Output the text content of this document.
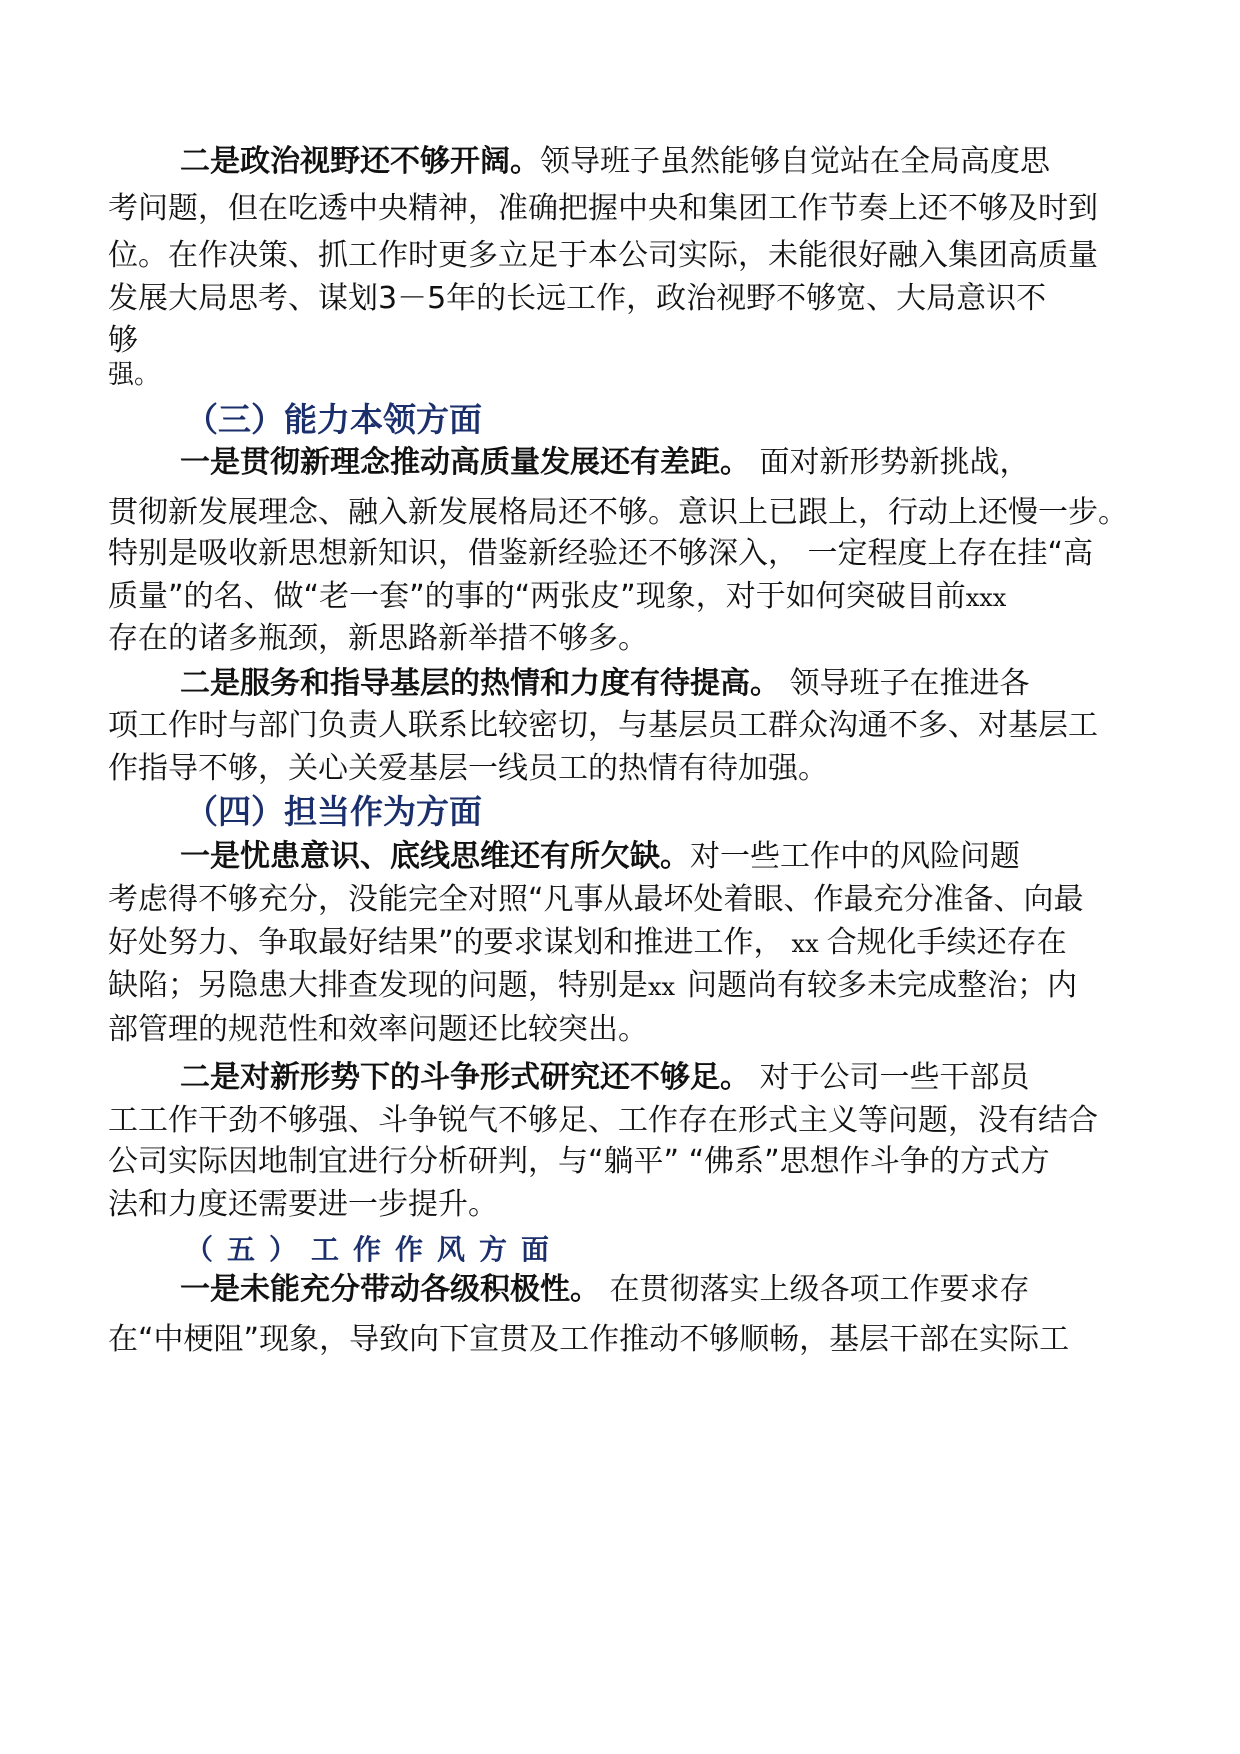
二是政治视野还不够开阔。领导班子虽然能够自觉站在全局高度思
考问题，但在吃透中央精神，准确把握中央和集团工作节奏上还不够及时到
位。在作决策、抓工作时更多立足于本公司实际，未能很好融入集团高质量
发展大局思考、谋划3－5年的长远工作，政治视野不够宽、大局意识不
够
强。
（三）能力本领方面
一是贯彻新理念推动高质量发展还有差距。 面对新形势新挑战，
贯彻新发展理念、融入新发展格局还不够。意识上已跟上，行动上还慢一步。
特别是吸收新思想新知识，借鉴新经验还不够深入， 一定程度上存在挂“高
质量”的名、做“老一套”的事的“两张皮”现象，对于如何突破目前xxx
存在的诸多瓶颈，新思路新举措不够多。
二是服务和指导基层的热情和力度有待提高。 领导班子在推进各
项工作时与部门负责人联系比较密切，与基层员工群众沟通不多、对基层工
作指导不够，关心关爱基层一线员工的热情有待加强。
（四）担当作为方面
一是忧患意识、底线思维还有所欠缺。对一些工作中的风险问题
考虑得不够充分，没能完全对照“凡事从最坏处着眼、作最充分准备、向最
好处努力、争取最好结果”的要求谋划和推进工作， xx 合规化手续还存在
缺陷；另隐患大排查发现的问题，特别是xx 问题尚有较多未完成整治；内
部管理的规范性和效率问题还比较突出。
二是对新形势下的斗争形式研究还不够足。 对于公司一些干部员
工工作干劲不够强、斗争锐气不够足、工作存在形式主义等问题，没有结合
公司实际因地制宜进行分析研判，与“躺平” “佛系”思想作斗争的方式方
法和力度还需要进一步提升。
（五）工作作风方面
一是未能充分带动各级积极性。 在贯彻落实上级各项工作要求存
在“中梗阻”现象，导致向下宣贯及工作推动不够顺畅，基层干部在实际工
